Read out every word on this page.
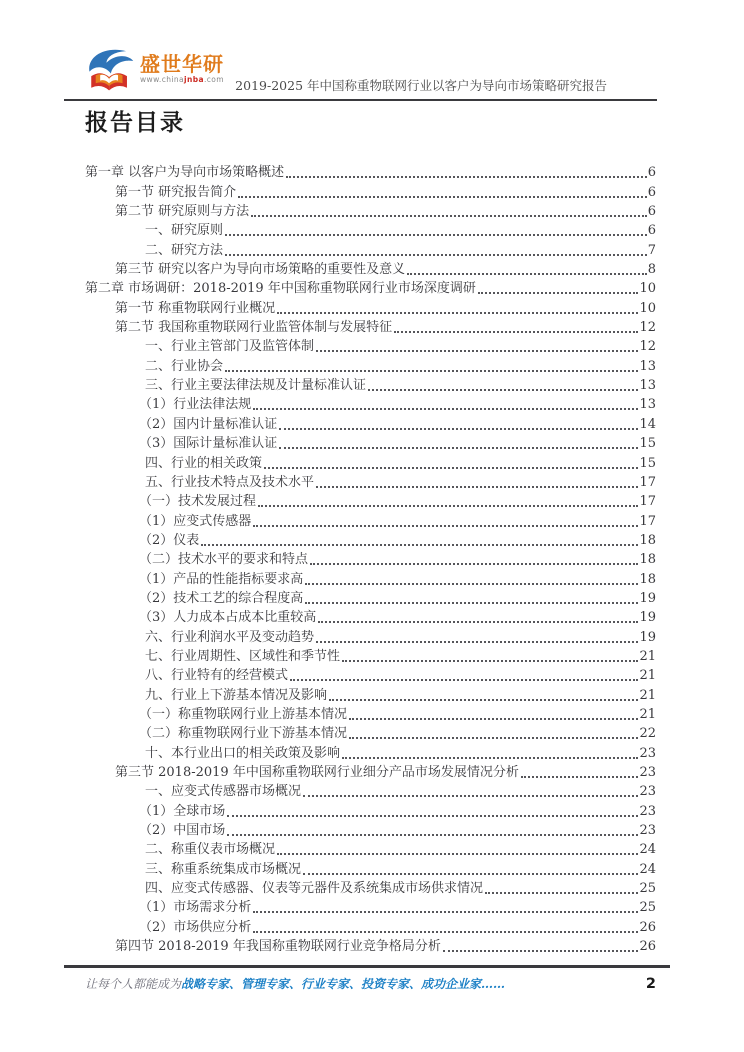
盛世华研
www.chinajnba.com 2019-2025 年中国称重物联网行业以客户为导向市场策略研究报告
报告目录
第一章 以客户为导向市场策略概述	6
第一节 研究报告简介	6
第二节 研究原则与方法	6
一、研究原则	6
二、研究方法	7
第三节 研究以客户为导向市场策略的重要性及意义	8
第二章 市场调研：2018-2019 年中国称重物联网行业市场深度调研	10
第一节 称重物联网行业概况	10
第二节 我国称重物联网行业监管体制与发展特征	12
一、行业主管部门及监管体制	12
二、行业协会	13
三、行业主要法律法规及计量标准认证	13
（1）行业法律法规	13
（2）国内计量标准认证	14
（3）国际计量标准认证	15
四、行业的相关政策	15
五、行业技术特点及技术水平	17
（一）技术发展过程	17
（1）应变式传感器	17
（2）仪表	18
（二）技术水平的要求和特点	18
（1）产品的性能指标要求高	18
（2）技术工艺的综合程度高	19
（3）人力成本占成本比重较高	19
六、行业利润水平及变动趋势	19
七、行业周期性、区域性和季节性	21
八、行业特有的经营模式	21
九、行业上下游基本情况及影响	21
（一）称重物联网行业上游基本情况	21
（二）称重物联网行业下游基本情况	22
十、本行业出口的相关政策及影响	23
第三节 2018-2019 年中国称重物联网行业细分产品市场发展情况分析	23
一、应变式传感器市场概况	23
（1）全球市场	23
（2）中国市场	23
二、称重仪表市场概况	24
三、称重系统集成市场概况	24
四、应变式传感器、仪表等元器件及系统集成市场供求情况	25
（1）市场需求分析	25
（2）市场供应分析	26
第四节 2018-2019 年我国称重物联网行业竞争格局分析	26
让每个人都能成为战略专家、管理专家、行业专家、投资专家、成功企业家……	2
